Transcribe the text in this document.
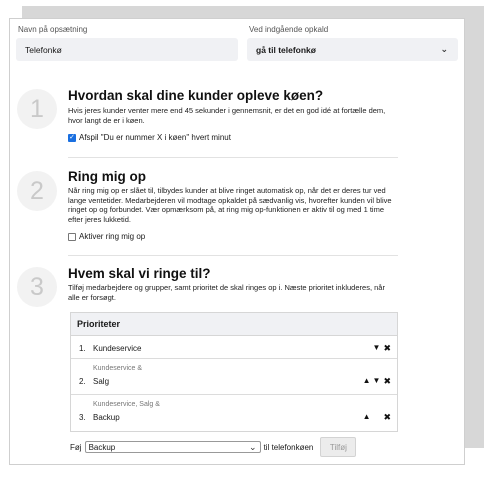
Navn på opsætning
Telefonkø
Ved indgående opkald
gå til telefonkø	⌄
1	Hvordan skal dine kunder opleve køen?
Hvis jeres kunder venter mere end 45 sekunder i gennemsnit, er det en god idé at fortælle dem, hvor langt de er i køen.
✓ Afspil "Du er nummer X i køen" hvert minut
2	Ring mig op
Når ring mig op er slået til, tilbydes kunder at blive ringet automatisk op, når det er deres tur ved lange ventetider. Medarbejderen vil modtage opkaldet på sædvanlig vis, hvorefter kunden vil blive ringet op og forbundet. Vær opmærksom på, at ring mig op-funktionen er aktiv til og med 1 time efter jeres lukketid.
Aktiver ring mig op
3	Hvem skal vi ringe til?
Tilføj medarbejdere og grupper, samt prioritet de skal ringes op i. Næste prioritet inkluderes, når alle er forsøgt.
Prioriteter
1. Kundeservice	▼ ✖
Kundeservice &
2. Salg	▲ ▼ ✖
Kundeservice, Salg &
3. Backup	▲ ✖
Føj Backup	⌄ til telefonkøen	Tilføj
